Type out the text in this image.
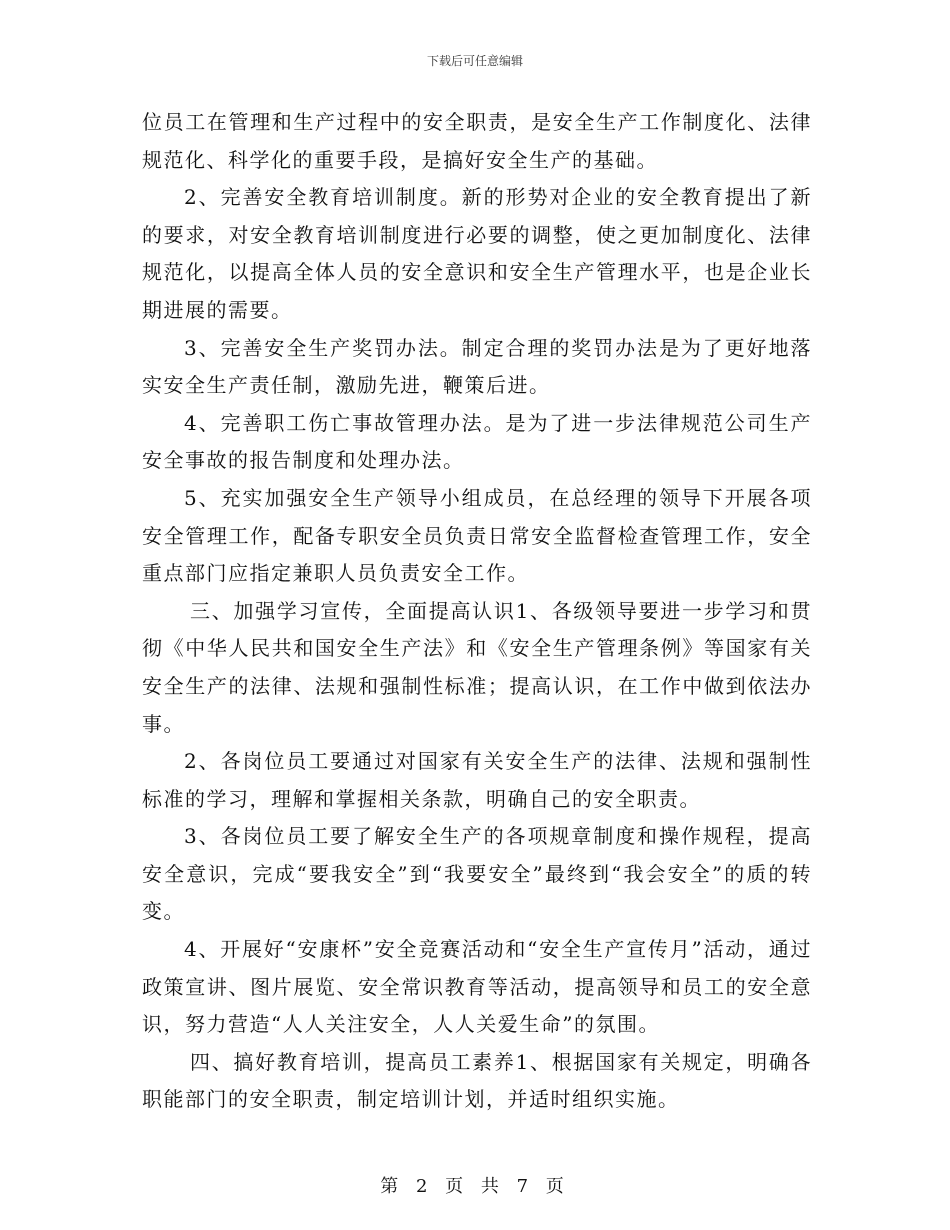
下载后可任意编辑

位员工在管理和生产过程中的安全职责，是安全生产工作制度化、法律规范化、科学化的重要手段，是搞好安全生产的基础。

2、完善安全教育培训制度。新的形势对企业的安全教育提出了新的要求，对安全教育培训制度进行必要的调整，使之更加制度化、法律规范化，以提高全体人员的安全意识和安全生产管理水平，也是企业长期进展的需要。

3、完善安全生产奖罚办法。制定合理的奖罚办法是为了更好地落实安全生产责任制，激励先进，鞭策后进。

4、完善职工伤亡事故管理办法。是为了进一步法律规范公司生产安全事故的报告制度和处理办法。

5、充实加强安全生产领导小组成员，在总经理的领导下开展各项安全管理工作，配备专职安全员负责日常安全监督检查管理工作，安全重点部门应指定兼职人员负责安全工作。

三、加强学习宣传，全面提高认识1、各级领导要进一步学习和贯彻《中华人民共和国安全生产法》和《安全生产管理条例》等国家有关安全生产的法律、法规和强制性标准；提高认识，在工作中做到依法办事。

2、各岗位员工要通过对国家有关安全生产的法律、法规和强制性标准的学习，理解和掌握相关条款，明确自己的安全职责。

3、各岗位员工要了解安全生产的各项规章制度和操作规程，提高安全意识，完成“要我安全”到“我要安全”最终到“我会安全”的质的转变。

4、开展好“安康杯”安全竞赛活动和“安全生产宣传月”活动，通过政策宣讲、图片展览、安全常识教育等活动，提高领导和员工的安全意识，努力营造“人人关注安全，人人关爱生命”的氛围。

四、搞好教育培训，提高员工素养1、根据国家有关规定，明确各职能部门的安全职责，制定培训计划，并适时组织实施。

第 2 页 共 7 页
